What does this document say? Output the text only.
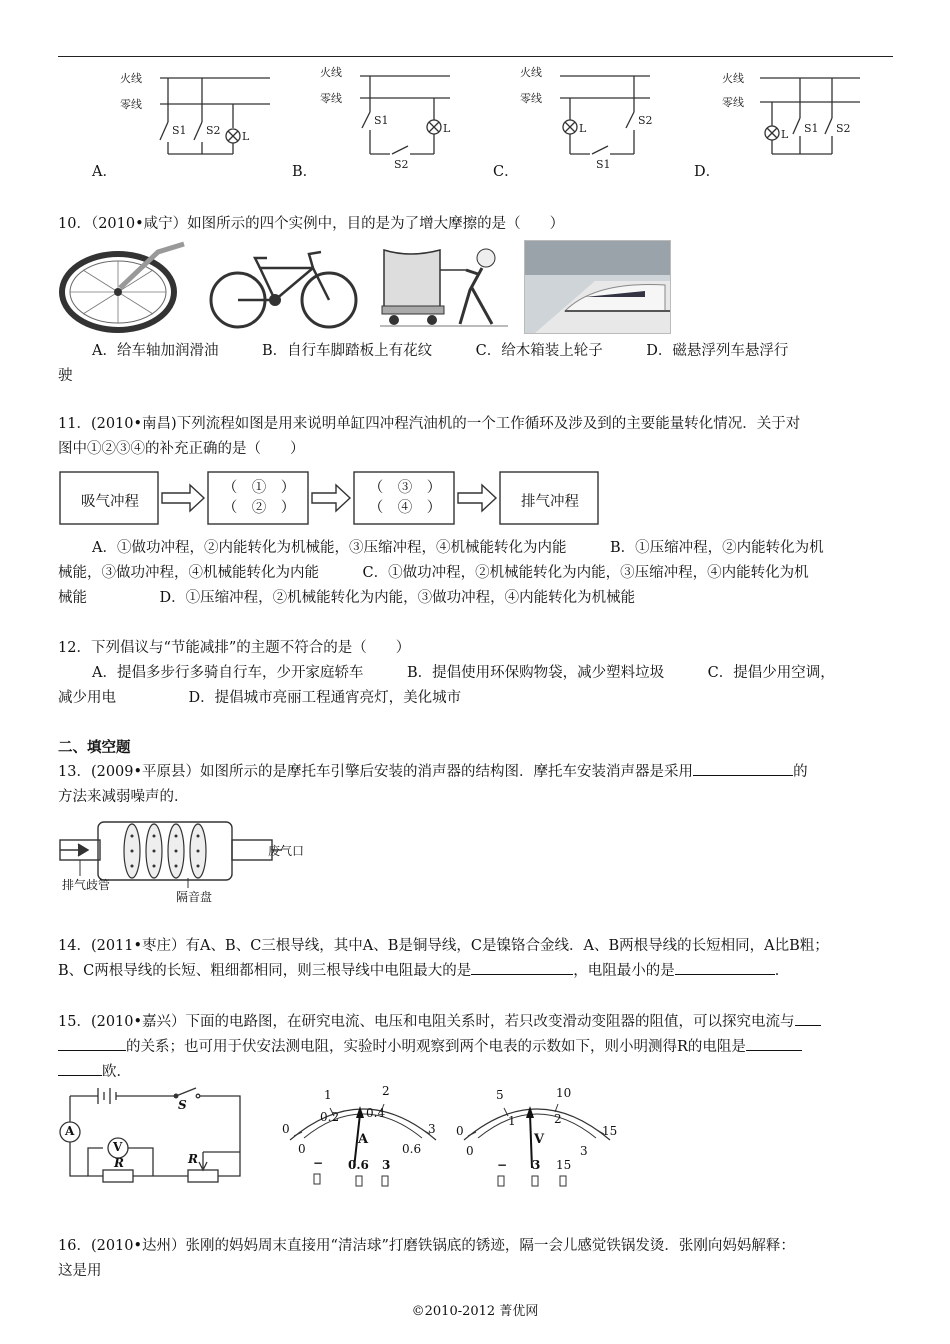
火线
零线
S1 S2 L
火线
零线
S1
S2
L
火线
零线
L
S2
S1
火线
零线
L S1 S2
A．	B．	C．	D．

10．（2010•咸宁）如图所示的四个实例中，目的是为了增大摩擦的是（　　）

A．给车轴加润滑油　　　B．自行车脚踏板上有花纹　　　C．给木箱装上轮子　　　D．磁悬浮列车悬浮行

驶

11．(2010•南昌)下列流程如图是用来说明单缸四冲程汽油机的一个工作循环及涉及到的主要能量转化情况．关于对

图中①②③④的补充正确的是（　　）

吸气冲程
（　①　）
（　②　）
（　③　）
（　④　）	排气冲程

A．①做功冲程，②内能转化为机械能，③压缩冲程，④机械能转化为内能　　　B．①压缩冲程，②内能转化为机

械能，③做功冲程，④机械能转化为内能　　　C．①做功冲程，②机械能转化为内能，③压缩冲程，④内能转化为机

械能　　　　　D．①压缩冲程，②机械能转化为内能，③做功冲程，④内能转化为机械能

12．下列倡议与“节能减排”的主题不符合的是（　　）

A．提倡多步行多骑自行车，少开家庭轿车　　　B．提倡使用环保购物袋，减少塑料垃圾　　　C．提倡少用空调，

减少用电　　　　　D．提倡城市亮丽工程通宵亮灯，美化城市

二、填空题

13．(2009•平原县）如图所示的是摩托车引擎后安装的消声器的结构图．摩托车安装消声器是采用	的

方法来减弱噪声的．

废气口
排气歧管
隔音盘

14．(2011•枣庄）有A、B、C三根导线，其中A、B是铜导线，C是镍铬合金线．A、B两根导线的长短相同，A比B粗；

B、C两根导线的长短、粗细都相同，则三根导线中电阻最大的是	，电阻最小的是	．

15．(2010•嘉兴）下面的电路图，在研究电流、电压和电阻关系时，若只改变滑动变阻器的阻值，可以探究电流与

的关系；也可用于伏安法测电阻，实验时小明观察到两个电表的示数如下，则小明测得R的电阻是

欧．

A
V
R	R
S
0
1	2
3
0
0.2 0.4
0.6
A
− 0.6 3
0
5	10
15
0
1	2
3
V
− 3 15

16．(2010•达州）张刚的妈妈周末直接用“清洁球”打磨铁锅底的锈迹，隔一会儿感觉铁锅发烫．张刚向妈妈解释：

这是用

©2010-2012 菁优网
